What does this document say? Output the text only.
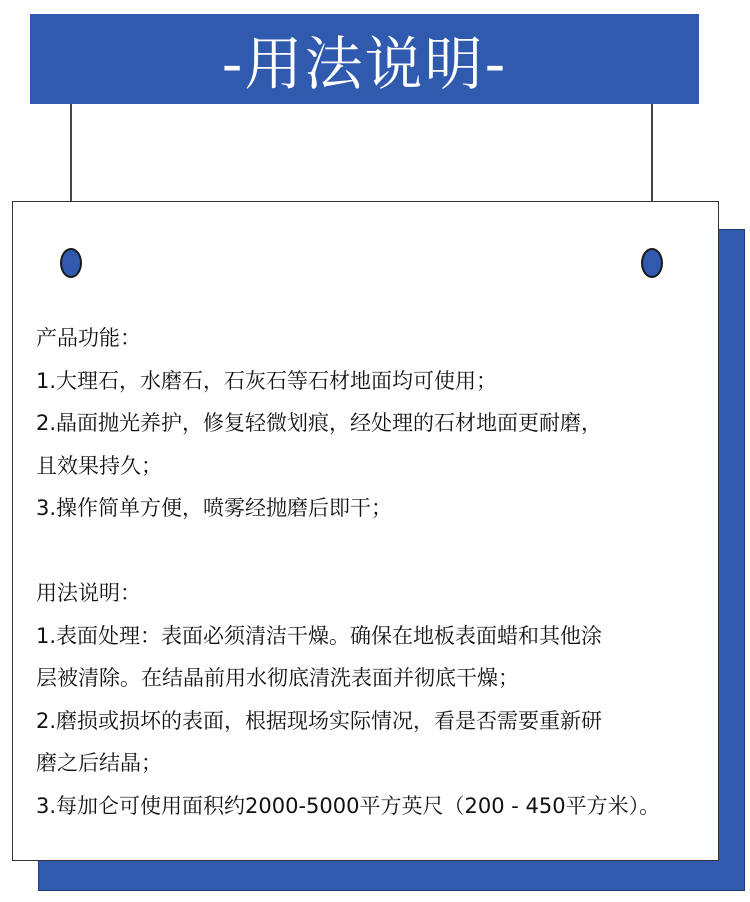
-用法说明-
产品功能：
1.大理石，水磨石，石灰石等石材地面均可使用；
2.晶面抛光养护，修复轻微划痕，经处理的石材地面更耐磨，
且效果持久；
3.操作简单方便，喷雾经抛磨后即干；
用法说明：
1.表面处理：表面必须清洁干燥。确保在地板表面蜡和其他涂
层被清除。在结晶前用水彻底清洗表面并彻底干燥；
2.磨损或损坏的表面，根据现场实际情况，看是否需要重新研
磨之后结晶；
3.每加仑可使用面积约2000-5000平方英尺（200 - 450平方米）。
